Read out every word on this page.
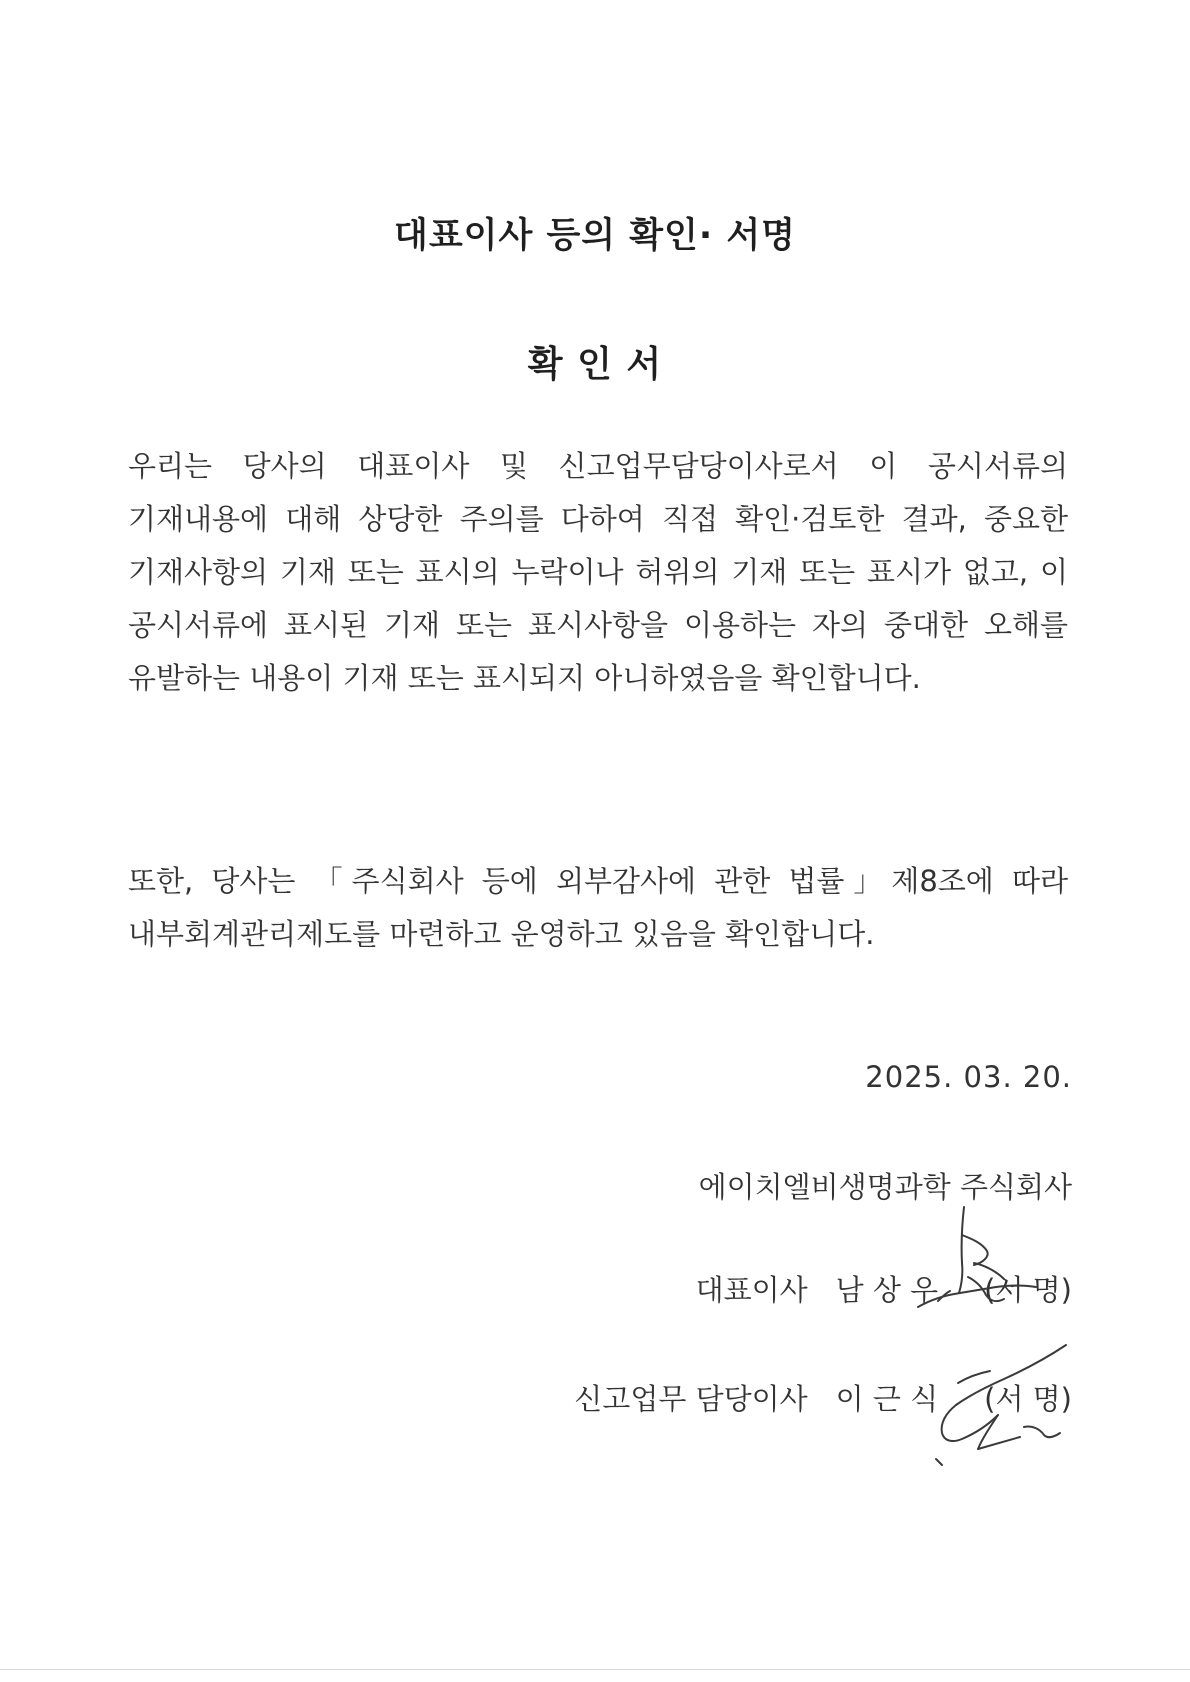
대표이사 등의 확인· 서명
확 인 서

우리는 당사의 대표이사 및 신고업무담당이사로서 이 공시서류의 기재내용에 대해 상당한 주의를 다하여 직접 확인·검토한 결과, 중요한 기재사항의 기재 또는 표시의 누락이나 허위의 기재 또는 표시가 없고, 이 공시서류에 표시된 기재 또는 표시사항을 이용하는 자의 중대한 오해를 유발하는 내용이 기재 또는 표시되지 아니하였음을 확인합니다.

또한, 당사는 「주식회사 등에 외부감사에 관한 법률」제8조에 따라 내부회계관리제도를 마련하고 운영하고 있음을 확인합니다.

2025. 03. 20.

에이치엘비생명과학 주식회사

대표이사 남 상 우 (서 명)

신고업무 담당이사 이 근 식 (서 명)
